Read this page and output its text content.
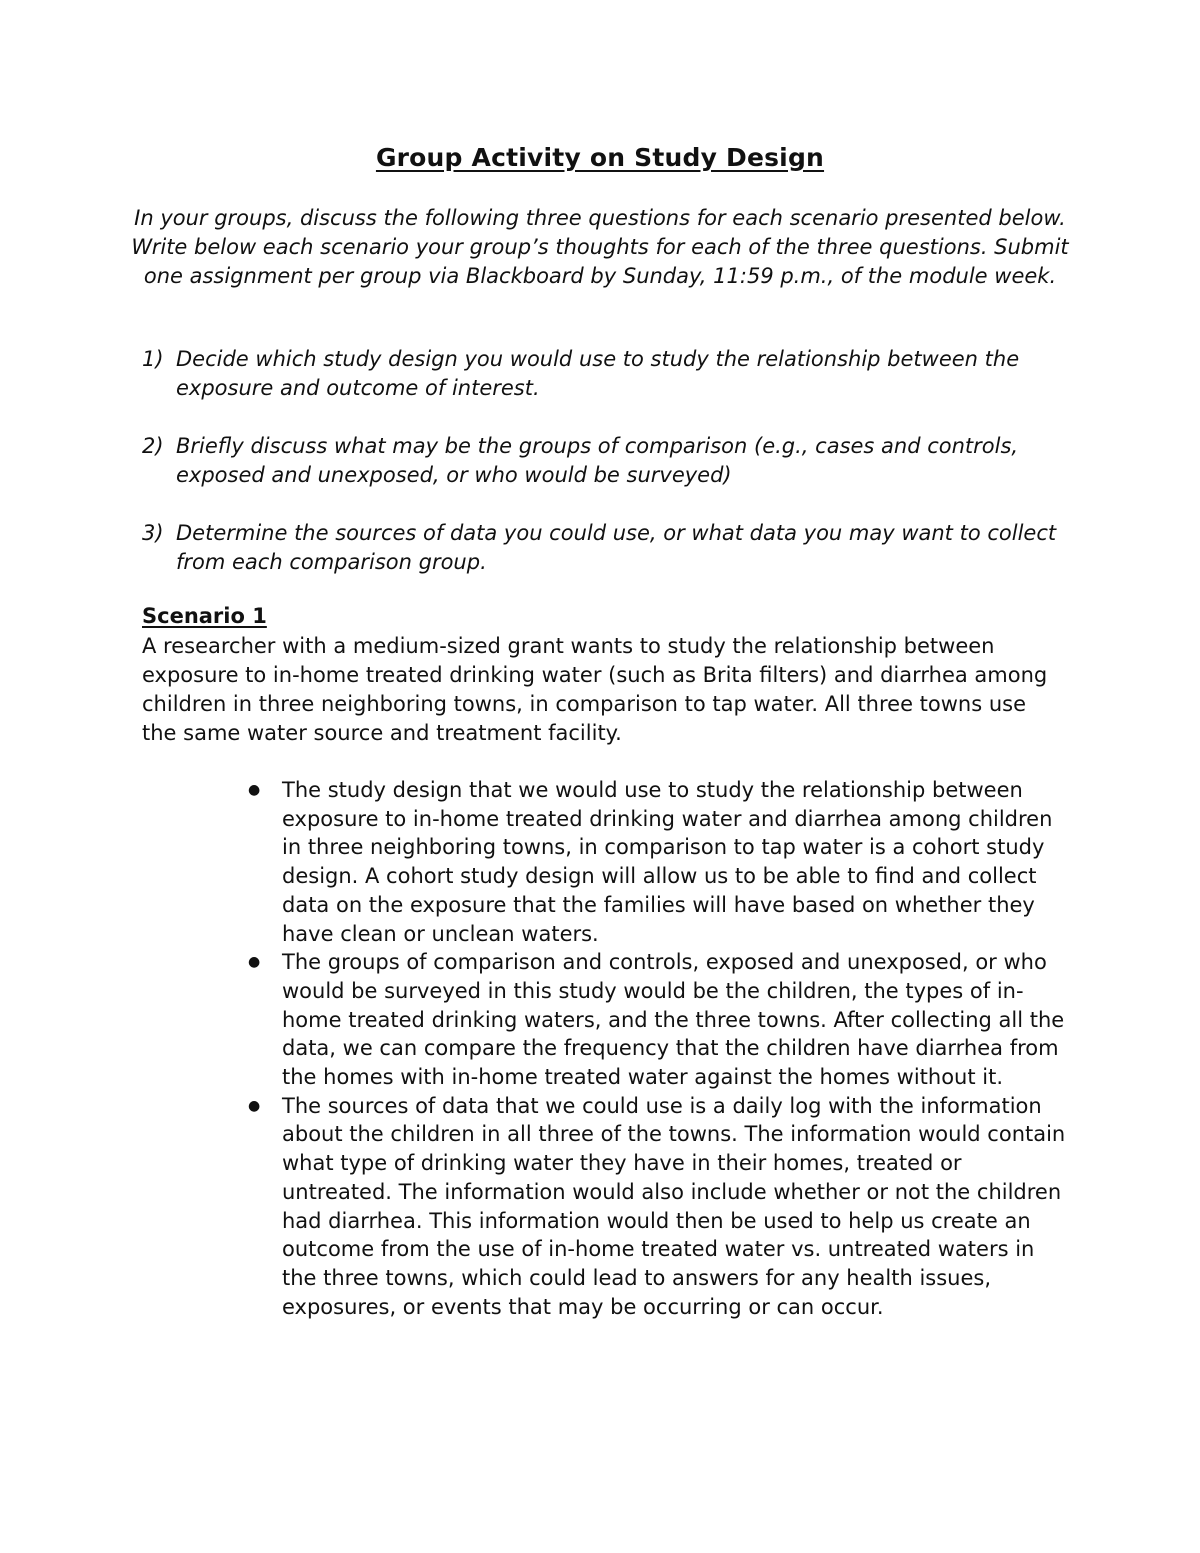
Group Activity on Study Design
In your groups, discuss the following three questions for each scenario presented below. Write below each scenario your group’s thoughts for each of the three questions. Submit one assignment per group via Blackboard by Sunday, 11:59 p.m., of the module week.
1) Decide which study design you would use to study the relationship between the exposure and outcome of interest.
2) Briefly discuss what may be the groups of comparison (e.g., cases and controls, exposed and unexposed, or who would be surveyed)
3) Determine the sources of data you could use, or what data you may want to collect from each comparison group.
Scenario 1
A researcher with a medium-sized grant wants to study the relationship between exposure to in-home treated drinking water (such as Brita filters) and diarrhea among children in three neighboring towns, in comparison to tap water. All three towns use the same water source and treatment facility.
● The study design that we would use to study the relationship between exposure to in-home treated drinking water and diarrhea among children in three neighboring towns, in comparison to tap water is a cohort study design. A cohort study design will allow us to be able to find and collect data on the exposure that the families will have based on whether they have clean or unclean waters.
● The groups of comparison and controls, exposed and unexposed, or who would be surveyed in this study would be the children, the types of in-home treated drinking waters, and the three towns. After collecting all the data, we can compare the frequency that the children have diarrhea from the homes with in-home treated water against the homes without it.
● The sources of data that we could use is a daily log with the information about the children in all three of the towns. The information would contain what type of drinking water they have in their homes, treated or untreated. The information would also include whether or not the children had diarrhea. This information would then be used to help us create an outcome from the use of in-home treated water vs. untreated waters in the three towns, which could lead to answers for any health issues, exposures, or events that may be occurring or can occur.
